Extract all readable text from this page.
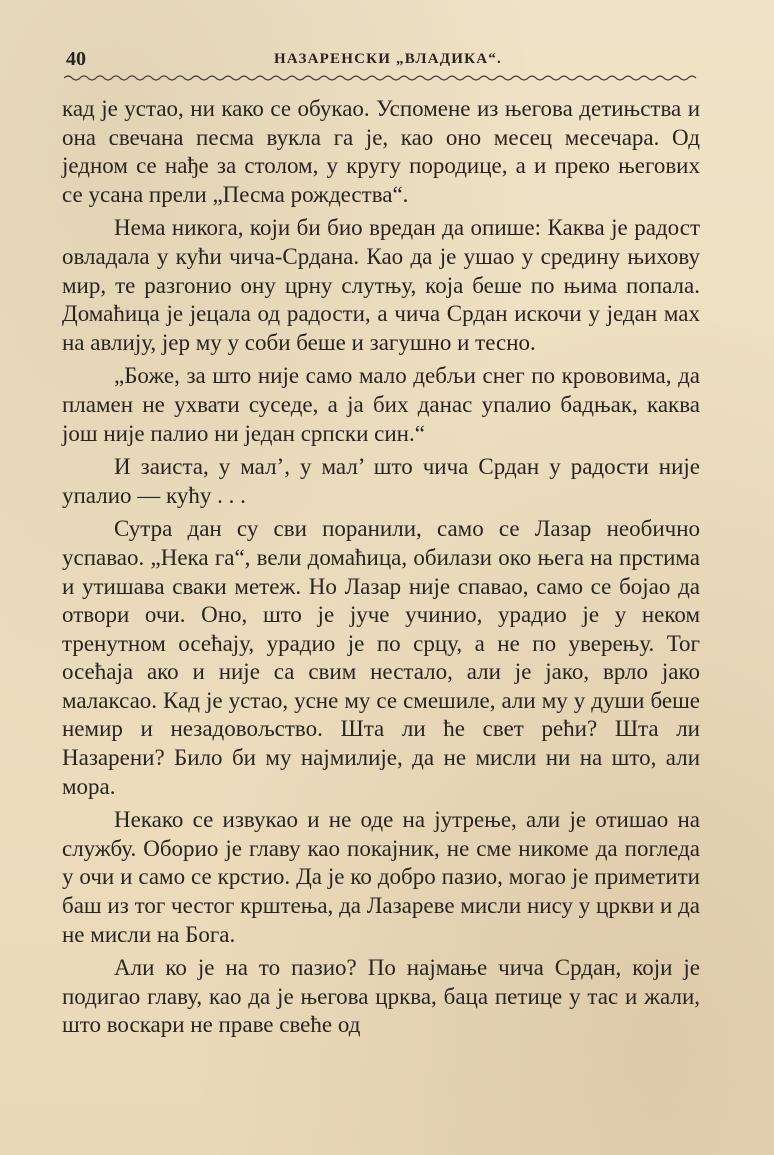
40	НАЗАРЕНСКИ „ВЛАДИКА“.

кад је устао, ни како се обукао. Успомене из његова детињства и она свечана песма вукла га је, као оно месец месечара. Од једном се нађе за столом, у кругу породице, а и преко његових се усана прели „Песма рождества“.

Нема никога, који би био вредан да опише: Каква је радост овладала у кући чича-Срдана. Као да је ушао у средину њихову мир, те разгонио ону црну слутњу, која беше по њима попала. Домаћица је јецала од радости, а чича Срдан искочи у један мах на авлију, јер му у соби беше и загушно и тесно.

„Боже, за што није само мало дебљи снег по крововима, да пламен не ухвати суседе, а ја бих данас упалио бадњак, каква још није палио ни један српски син.“

И заиста, у мал’, у мал’ што чича Срдан у радости није упалио — кућу . . .

Сутра дан су сви поранили, само се Лазар необично успавао. „Нека га“, вели домаћица, обилази око њега на прстима и утишава сваки метеж. Но Лазар није спавао, само се бојао да отвори очи. Оно, што је јуче учинио, урадио је у неком тренутном осећају, урадио је по срцу, а не по уверењу. Тог осећаја ако и није са свим нестало, али је јако, врло јако малаксао. Кад је устао, усне му се смешиле, али му у души беше немир и незадовољство. Шта ли ће свет рећи? Шта ли Назарени? Било би му најмилије, да не мисли ни на што, али мора.

Некако се извукао и не оде на јутрење, али је отишао на службу. Оборио је главу као покајник, не сме никоме да погледа у очи и само се крстио. Да је ко добро пазио, могао је приметити баш из тог честог крштења, да Лазареве мисли нису у цркви и да не мисли на Бога.

Али ко је на то пазио? По најмање чича Срдан, који је подигао главу, као да је његова црква, баца петице у тас и жали, што воскари не праве свеће од
